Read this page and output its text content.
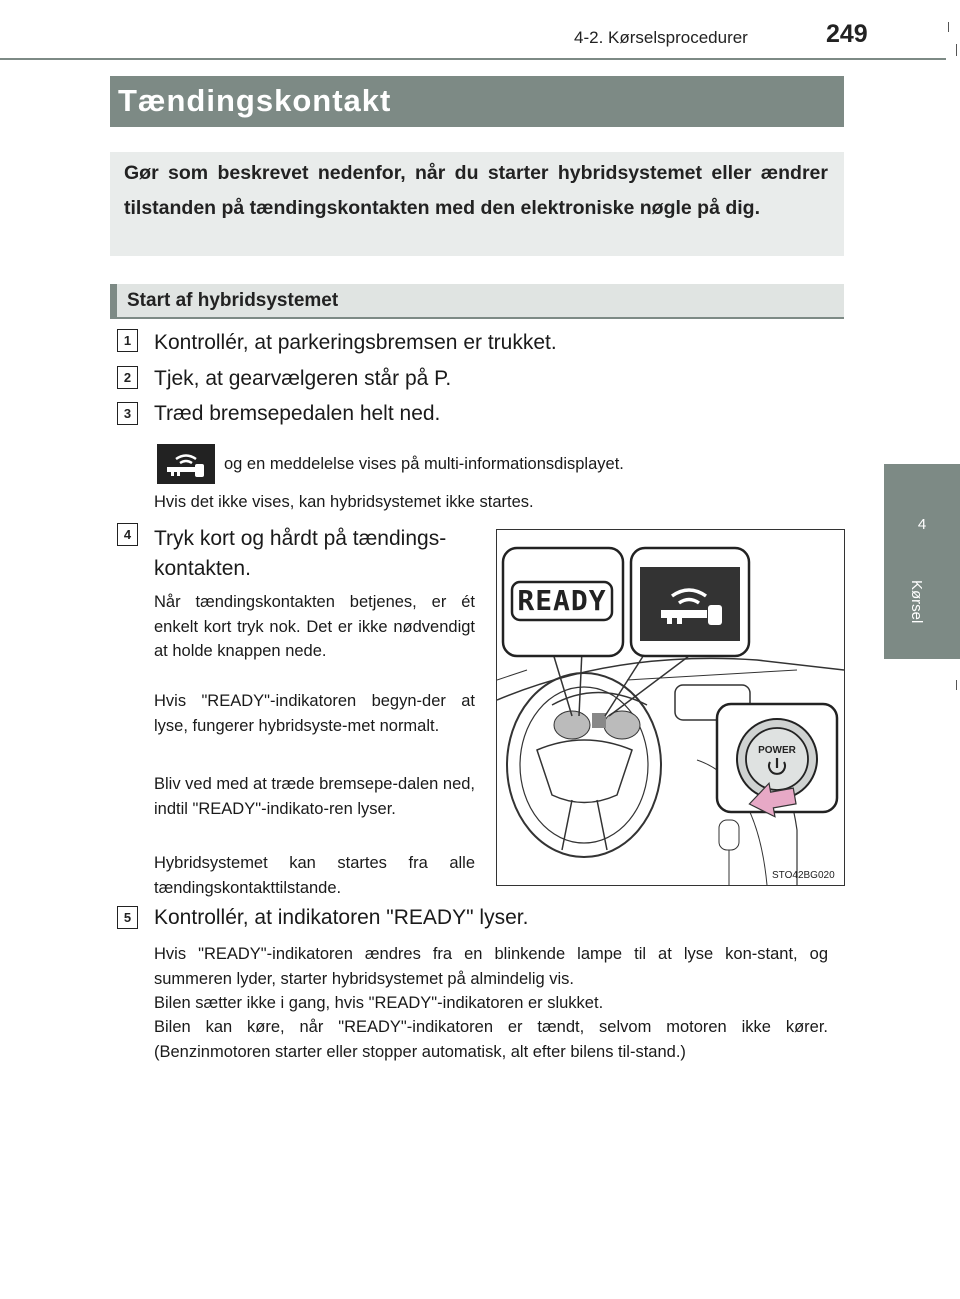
4-2. Kørselsprocedurer	249
4
Kørsel
Tændingskontakt
Gør som beskrevet nedenfor, når du starter hybridsystemet eller ændrer tilstanden på tændingskontakten med den elektroniske nøgle på dig.
Start af hybridsystemet
1	Kontrollér, at parkeringsbremsen er trukket.
2	Tjek, at gearvælgeren står på P.
3	Træd bremsepedalen helt ned.
og en meddelelse vises på multi-informationsdisplayet.
Hvis det ikke vises, kan hybridsystemet ikke startes.
4	Tryk kort og hårdt på tændings-kontakten.
Når tændingskontakten betjenes, er ét enkelt kort tryk nok. Det er ikke nødvendigt at holde knappen nede.
Hvis "READY"-indikatoren begyn-der at lyse, fungerer hybridsyste-met normalt.
Bliv ved med at træde bremsepe-dalen ned, indtil "READY"-indikato-ren lyser.
Hybridsystemet kan startes fra alle tændingskontakttilstande.
READY
POWER
STO42BG020
5	Kontrollér, at indikatoren "READY" lyser.
Hvis "READY"-indikatoren ændres fra en blinkende lampe til at lyse kon-stant, og summeren lyder, starter hybridsystemet på almindelig vis.
Bilen sætter ikke i gang, hvis "READY"-indikatoren er slukket.
Bilen kan køre, når "READY"-indikatoren er tændt, selvom motoren ikke kører. (Benzinmotoren starter eller stopper automatisk, alt efter bilens til-stand.)
